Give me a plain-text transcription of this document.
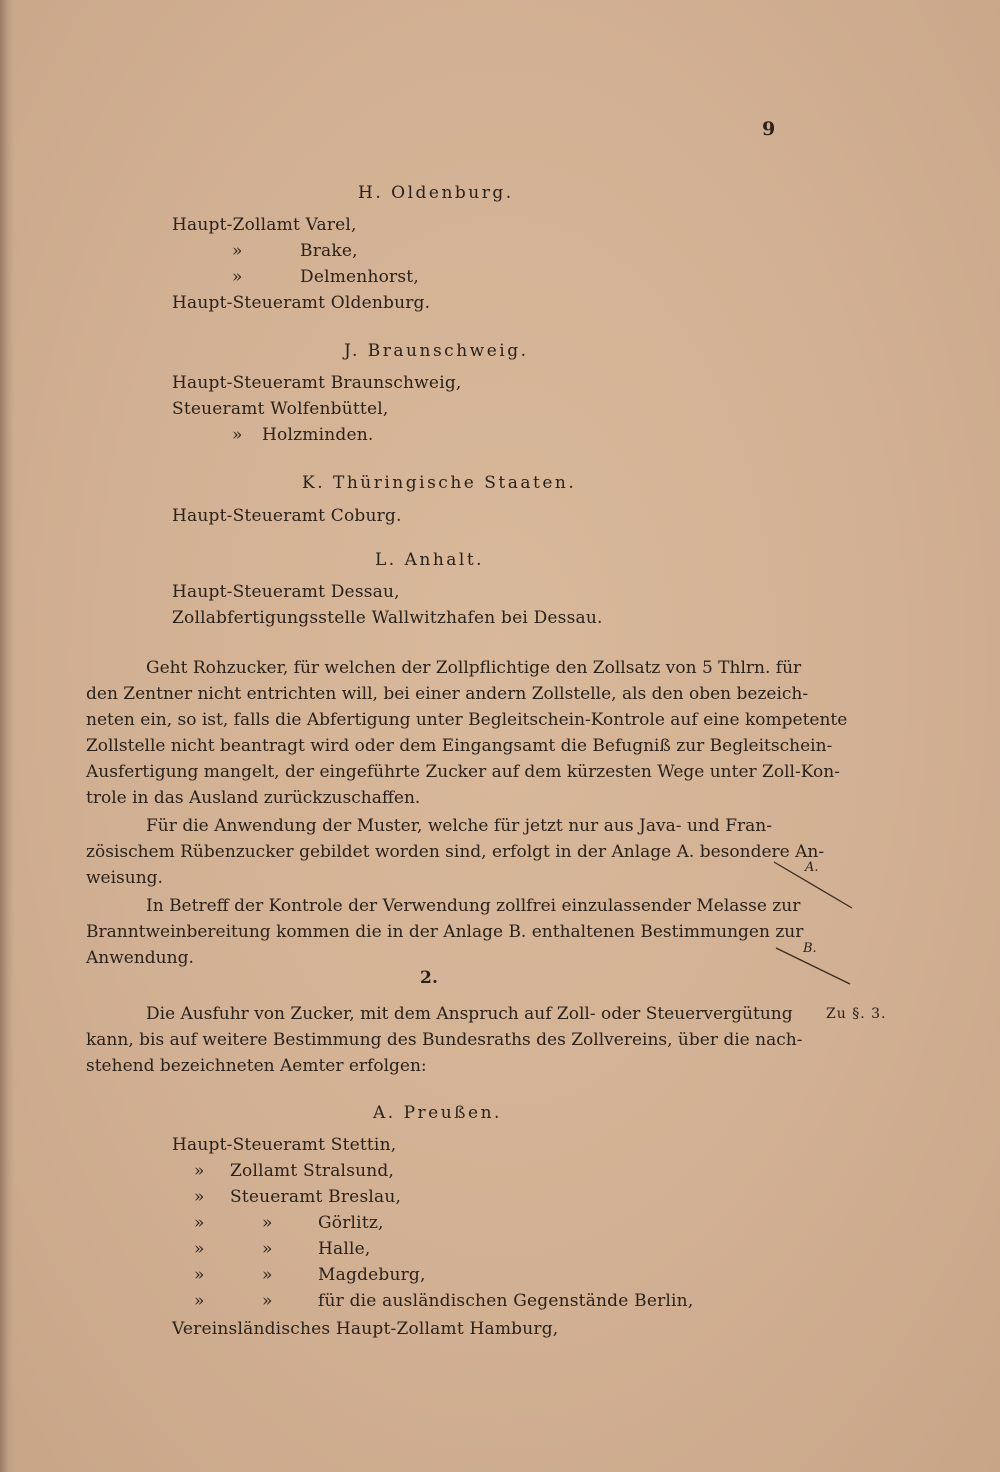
9
H. Oldenburg.
Haupt-Zollamt Varel,
»	Brake,
»	Delmenhorst,
Haupt-Steueramt Oldenburg.
J. Braunschweig.
Haupt-Steueramt Braunschweig,
Steueramt Wolfenbüttel,
» Holzminden.
K. Thüringische Staaten.
Haupt-Steueramt Coburg.
L. Anhalt.
Haupt-Steueramt Dessau,
Zollabfertigungsstelle Wallwitzhafen bei Dessau.
Geht Rohzucker, für welchen der Zollpflichtige den Zollsatz von 5 Thlrn. für
den Zentner nicht entrichten will, bei einer andern Zollstelle, als den oben bezeich-
neten ein, so ist, falls die Abfertigung unter Begleitschein-Kontrole auf eine kompetente
Zollstelle nicht beantragt wird oder dem Eingangsamt die Befugniß zur Begleitschein-
Ausfertigung mangelt, der eingeführte Zucker auf dem kürzesten Wege unter Zoll-Kon-
trole in das Ausland zurückzuschaffen.
Für die Anwendung der Muster, welche für jetzt nur aus Java- und Fran-
zösischem Rübenzucker gebildet worden sind, erfolgt in der Anlage A. besondere An-
weisung.
In Betreff der Kontrole der Verwendung zollfrei einzulassender Melasse zur
Branntweinbereitung kommen die in der Anlage B. enthaltenen Bestimmungen zur
Anwendung.
2.
Die Ausfuhr von Zucker, mit dem Anspruch auf Zoll- oder Steuervergütung
kann, bis auf weitere Bestimmung des Bundesraths des Zollvereins, über die nach-
stehend bezeichneten Aemter erfolgen:
A. Preußen.
Haupt-Steueramt Stettin,
» Zollamt Stralsund,
» Steueramt Breslau,
»	»	Görlitz,
»	»	Halle,
»	»	Magdeburg,
»	»	für die ausländischen Gegenstände Berlin,
Vereinsländisches Haupt-Zollamt Hamburg,
A.
B.
Zu §. 3.
